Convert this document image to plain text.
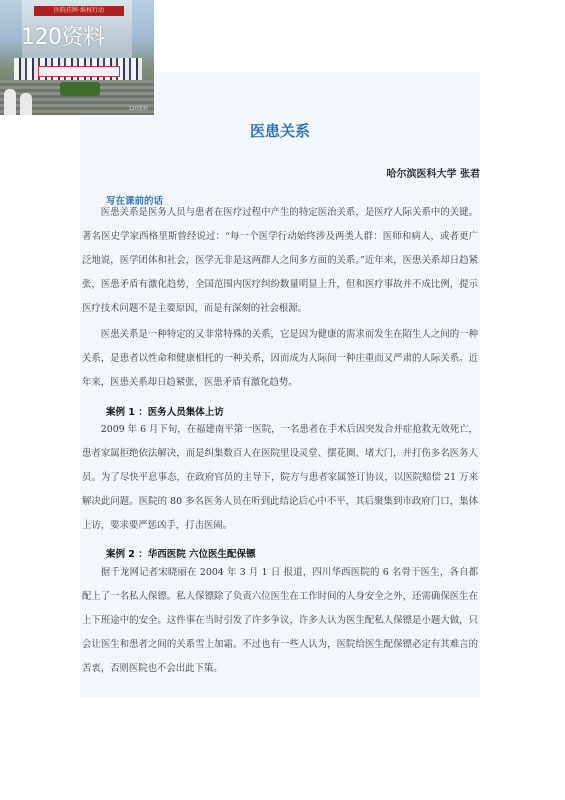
医院挂牌·维权行动
120资料
120资料
医患关系
哈尔滨医科大学 张君
写在课前的话

医患关系是医务人员与患者在医疗过程中产生的特定医治关系，是医疗人际关系中的关键。著名医史学家西格里斯曾经说过：“每一个医学行动始终涉及两类人群：医师和病人，或者更广泛地说，医学团体和社会，医学无非是这两群人之间多方面的关系。”近年来，医患关系却日趋紧张，医患矛盾有激化趋势，全国范围内医疗纠纷数量明显上升，但和医疗事故并不成比例，提示医疗技术问题不是主要原因，而是有深刻的社会根源。

医患关系是一种特定的又非常特殊的关系，它是因为健康的需求而发生在陌生人之间的一种关系，是患者以性命和健康相托的一种关系，因而成为人际间一种庄重而又严肃的人际关系。近年来，医患关系却日趋紧张，医患矛盾有激化趋势。

案例 1 ：医务人员集体上访

2009 年 6 月下旬，在福建南平第一医院，一名患者在手术后因突发合并症抢救无效死亡，患者家属拒绝依法解决，而是纠集数百人在医院里设灵堂、摆花圈、堵大门，并打伤多名医务人员。为了尽快平息事态，在政府官员的主导下，院方与患者家属签订协议，以医院赔偿 21 万来解决此问题。医院的 80 多名医务人员在听到此结论后心中不平，其后聚集到市政府门口，集体上访，要求要严惩凶手，打击医闹。

案例 2 ：华西医院 六位医生配保镖

据千龙网记者宋晓丽在 2004 年 3 月 1 日 报道，四川华西医院的 6 名骨干医生，各自都配上了一名私人保镖。私人保镖除了负责六位医生在工作时间的人身安全之外，还需确保医生在上下班途中的安全。这件事在当时引发了许多争议，许多人认为医生配私人保镖是小题大做，只会让医生和患者之间的关系雪上加霜。不过也有一些人认为，医院给医生配保镖必定有其难言的苦衷，否则医院也不会出此下策。
